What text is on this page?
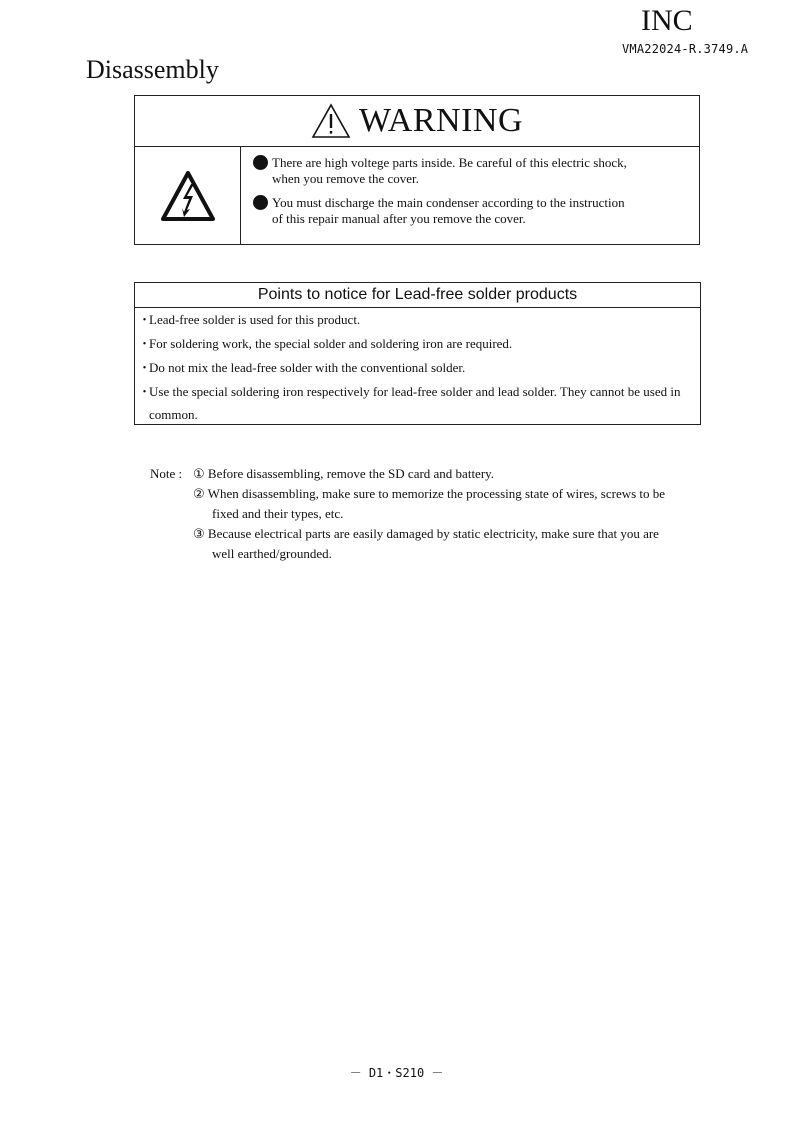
INC
VMA22024-R.3749.A
Disassembly
WARNING
There are high voltege parts inside. Be careful of this electric shock,
when you remove the cover.
You must discharge the main condenser according to the instruction
of this repair manual after you remove the cover.
Points to notice for Lead-free solder products
・
Lead-free solder is used for this product.
・
For soldering work, the special solder and soldering iron are required.
・
Do not mix the lead-free solder with the conventional solder.
・
Use the special soldering iron respectively for lead-free solder and lead solder. They cannot be used in
common.
Note : ① Before disassembling, remove the SD card and battery.
② When disassembling, make sure to memorize the processing state of wires, screws to be
fixed and their types, etc.
③ Because electrical parts are easily damaged by static electricity, make sure that you are
well earthed/grounded.
－ D1・S210 －
